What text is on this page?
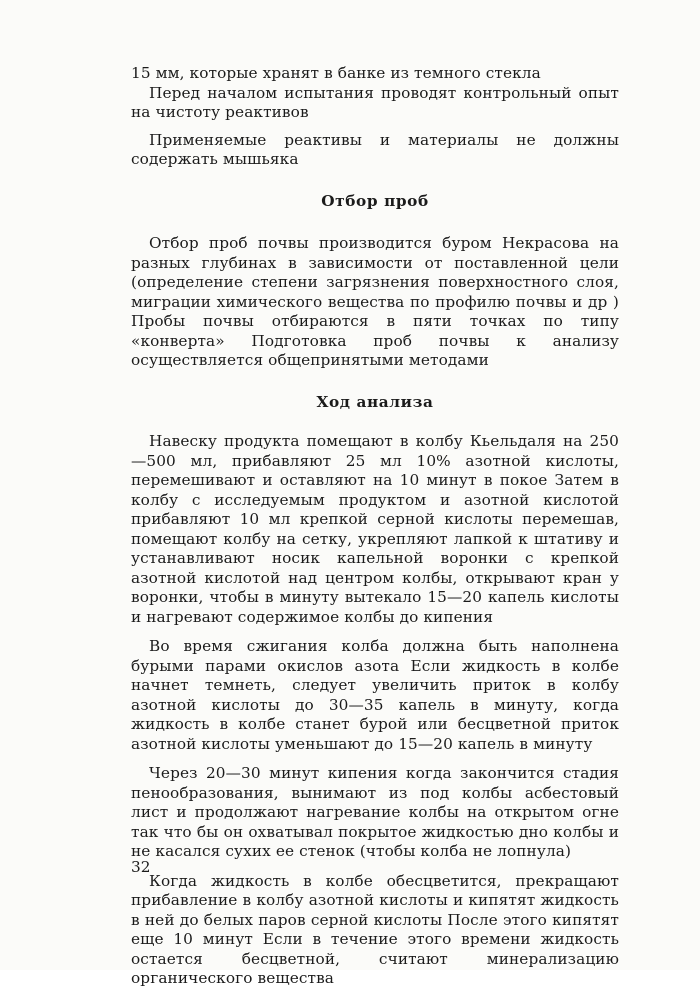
15 мм, которые хранят в банке из темного стекла

Перед началом испытания проводят контрольный опыт на чистоту реактивов

Применяемые реактивы и материалы не должны содержать мышьяка

Отбор проб

Отбор проб почвы производится буром Некрасова на разных глубинах в зависимости от поставленной цели (определение степени загрязнения поверхностного слоя, миграции химического вещества по профилю почвы и др ) Пробы почвы отбираются в пяти точках по типу «конверта» Подготовка проб почвы к анализу осуществляется общепринятыми методами

Ход анализа

Навеску продукта помещают в колбу Кьельдаля на 250—500 мл, прибавляют 25 мл 10% азотной кислоты, перемешивают и оставляют на 10 минут в покое Затем в колбу с исследуемым продуктом и азотной кислотой прибавляют 10 мл крепкой серной кислоты перемешав, помещают колбу на сетку, укрепляют лапкой к штативу и устанавливают носик капельной воронки с крепкой азотной кислотой над центром колбы, открывают кран у воронки, чтобы в минуту вытекало 15—20 капель кислоты и нагревают содержимое колбы до кипения

Во время сжигания колба должна быть наполнена бурыми парами окислов азота Если жидкость в колбе начнет темнеть, следует увеличить приток в колбу азотной кислоты до 30—35 капель в минуту, когда жидкость в колбе станет бурой или бесцветной приток азотной кислоты уменьшают до 15—20 капель в минуту

Через 20—30 минут кипения когда закончится стадия пенообразования, вынимают из под колбы асбестовый лист и продолжают нагревание колбы на открытом огне так что бы он охватывал покрытое жидкостью дно колбы и не касался сухих ее стенок (чтобы колба не лопнула)

Когда жидкость в колбе обесцветится, прекращают прибавление в колбу азотной кислоты и кипятят жидкость в ней до белых паров серной кислоты После этого кипятят еще 10 минут Если в течение этого времени жидкость остается бесцветной, считают минерализацию органического вещества

32
